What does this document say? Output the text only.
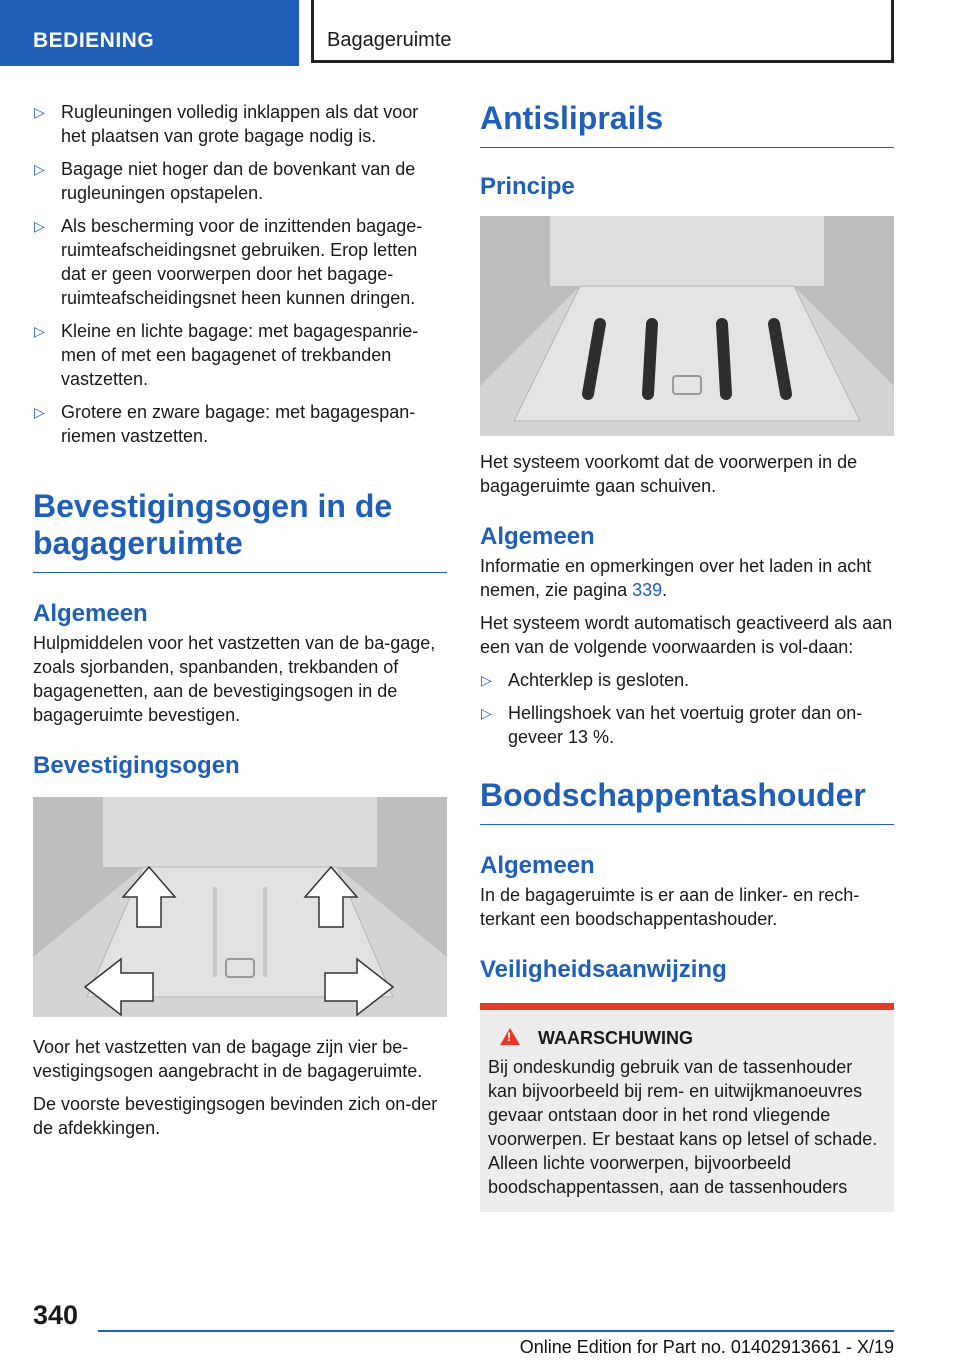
BEDIENING	Bagageruimte
▷ Rugleuningen volledig inklappen als dat voor het plaatsen van grote bagage nodig is.
▷ Bagage niet hoger dan de bovenkant van de rugleuningen opstapelen.
▷ Als bescherming voor de inzittenden bagage-ruimteafscheidingsnet gebruiken. Erop letten dat er geen voorwerpen door het bagage-ruimteafscheidingsnet heen kunnen dringen.
▷ Kleine en lichte bagage: met bagagespanrie-men of met een bagagenet of trekbanden vastzetten.
▷ Grotere en zware bagage: met bagagespan-riemen vastzetten.
Bevestigingsogen in de bagageruimte
Algemeen

Hulpmiddelen voor het vastzetten van de ba-gage, zoals sjorbanden, spanbanden, trekbanden of bagagenetten, aan de bevestigingsogen in de bagageruimte bevestigen.

Bevestigingsogen

Voor het vastzetten van de bagage zijn vier be-vestigingsogen aangebracht in de bagageruimte.

De voorste bevestigingsogen bevinden zich on-der de afdekkingen.

Antisliprails
Principe

Het systeem voorkomt dat de voorwerpen in de bagageruimte gaan schuiven.

Algemeen

Informatie en opmerkingen over het laden in acht nemen, zie pagina 339.

Het systeem wordt automatisch geactiveerd als aan een van de volgende voorwaarden is vol-daan:

▷ Achterklep is gesloten.
▷ Hellingshoek van het voertuig groter dan on-geveer 13 %.
Boodschappentashouder
Algemeen

In de bagageruimte is er aan de linker- en rech-terkant een boodschappentashouder.

Veiligheidsaanwijzing
!WAARSCHUWING

Bij ondeskundig gebruik van de tassenhouder kan bijvoorbeeld bij rem- en uitwijkmanoeuvres gevaar ontstaan door in het rond vliegende voorwerpen. Er bestaat kans op letsel of schade. Alleen lichte voorwerpen, bijvoorbeeld boodschappentassen, aan de tassenhouders

340
Online Edition for Part no. 01402913661 - X/19
